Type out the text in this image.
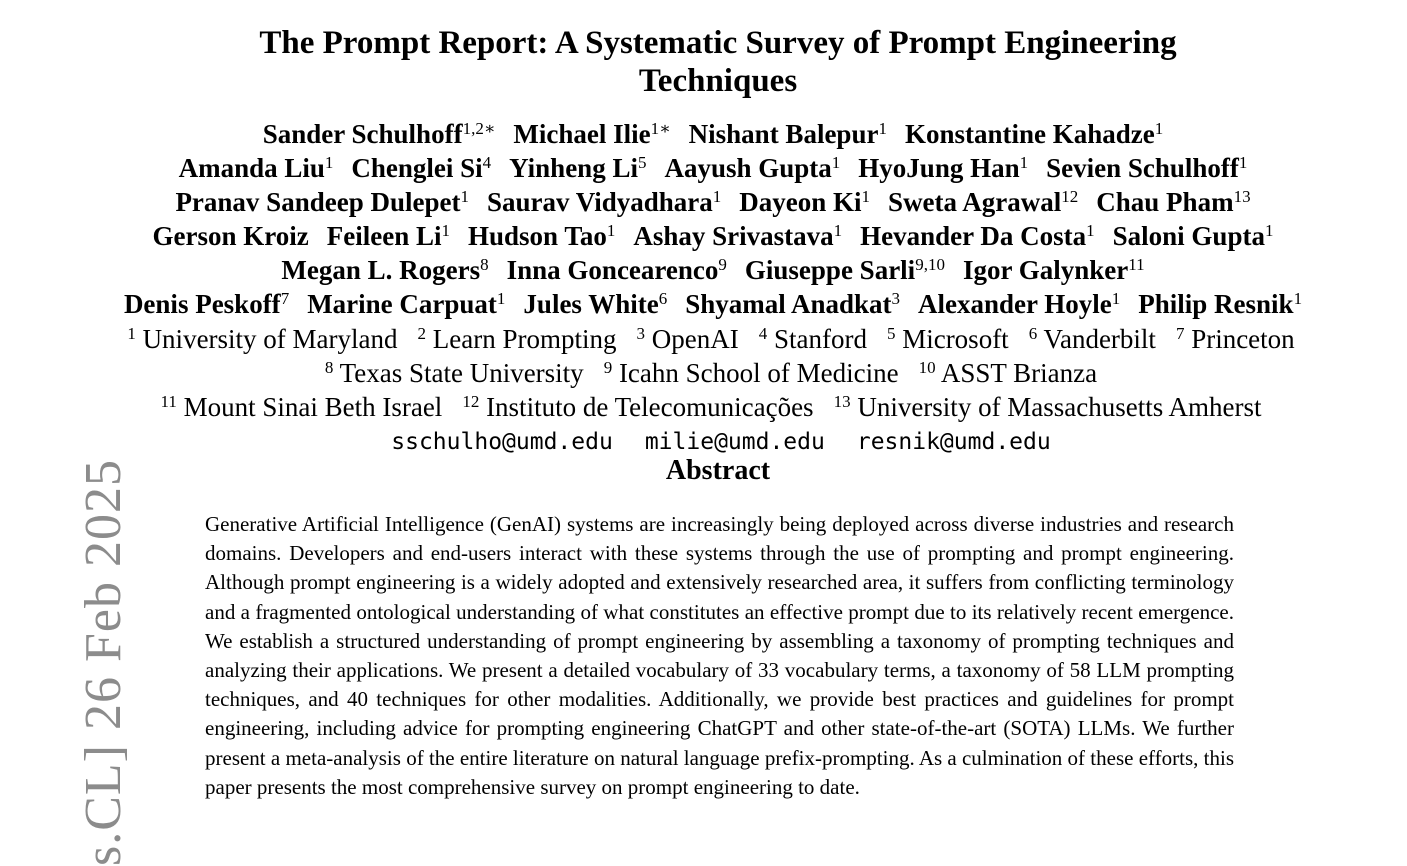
s.CL] 26 Feb 2025
The Prompt Report: A Systematic Survey of Prompt Engineering
Techniques
Sander Schulhoff$^{1,2∗}$ Michael Ilie$^{1∗}$ Nishant Balepur$^1$ Konstantine Kahadze$^1$
Amanda Liu$^1$ Chenglei Si$^4$ Yinheng Li$^5$ Aayush Gupta$^1$ HyoJung Han$^1$ Sevien Schulhoff$^1$
Pranav Sandeep Dulepet$^1$ Saurav Vidyadhara$^1$ Dayeon Ki$^1$ Sweta Agrawal$^{12}$ Chau Pham$^{13}$
Gerson Kroiz Feileen Li$^1$ Hudson Tao$^1$ Ashay Srivastava$^1$ Hevander Da Costa$^1$ Saloni Gupta$^1$
Megan L. Rogers$^8$ Inna Goncearenco$^9$ Giuseppe Sarli$^{9,10}$ Igor Galynker$^{11}$
Denis Peskoff$^7$ Marine Carpuat$^1$ Jules White$^6$ Shyamal Anadkat$^3$ Alexander Hoyle$^1$ Philip Resnik$^1$
$^1$ University of Maryland $^2$ Learn Prompting $^3$ OpenAI $^4$ Stanford $^5$ Microsoft $^6$ Vanderbilt $^7$ Princeton
$^8$ Texas State University $^9$ Icahn School of Medicine $^{10}$ ASST Brianza
$^{11}$ Mount Sinai Beth Israel $^{12}$ Instituto de Telecomunicações $^{13}$ University of Massachusetts Amherst
sschulho@umd.edu milie@umd.edu resnik@umd.edu
Abstract

Generative Artificial Intelligence (GenAI) systems are increasingly being deployed across diverse industries and research domains. Developers and end-users interact with these systems through the use of prompting and prompt engineering. Although prompt engineering is a widely adopted and extensively researched area, it suffers from conflicting terminology and a fragmented ontological understanding of what constitutes an effective prompt due to its relatively recent emergence. We establish a structured understanding of prompt engineering by assembling a taxonomy of prompting techniques and analyzing their applications. We present a detailed vocabulary of 33 vocabulary terms, a taxonomy of 58 LLM prompting techniques, and 40 techniques for other modalities. Additionally, we provide best practices and guidelines for prompt engineering, including advice for prompting engineering ChatGPT and other state-of-the-art (SOTA) LLMs. We further present a meta-analysis of the entire literature on natural language prefix-prompting. As a culmination of these efforts, this paper presents the most comprehensive survey on prompt engineering to date.
